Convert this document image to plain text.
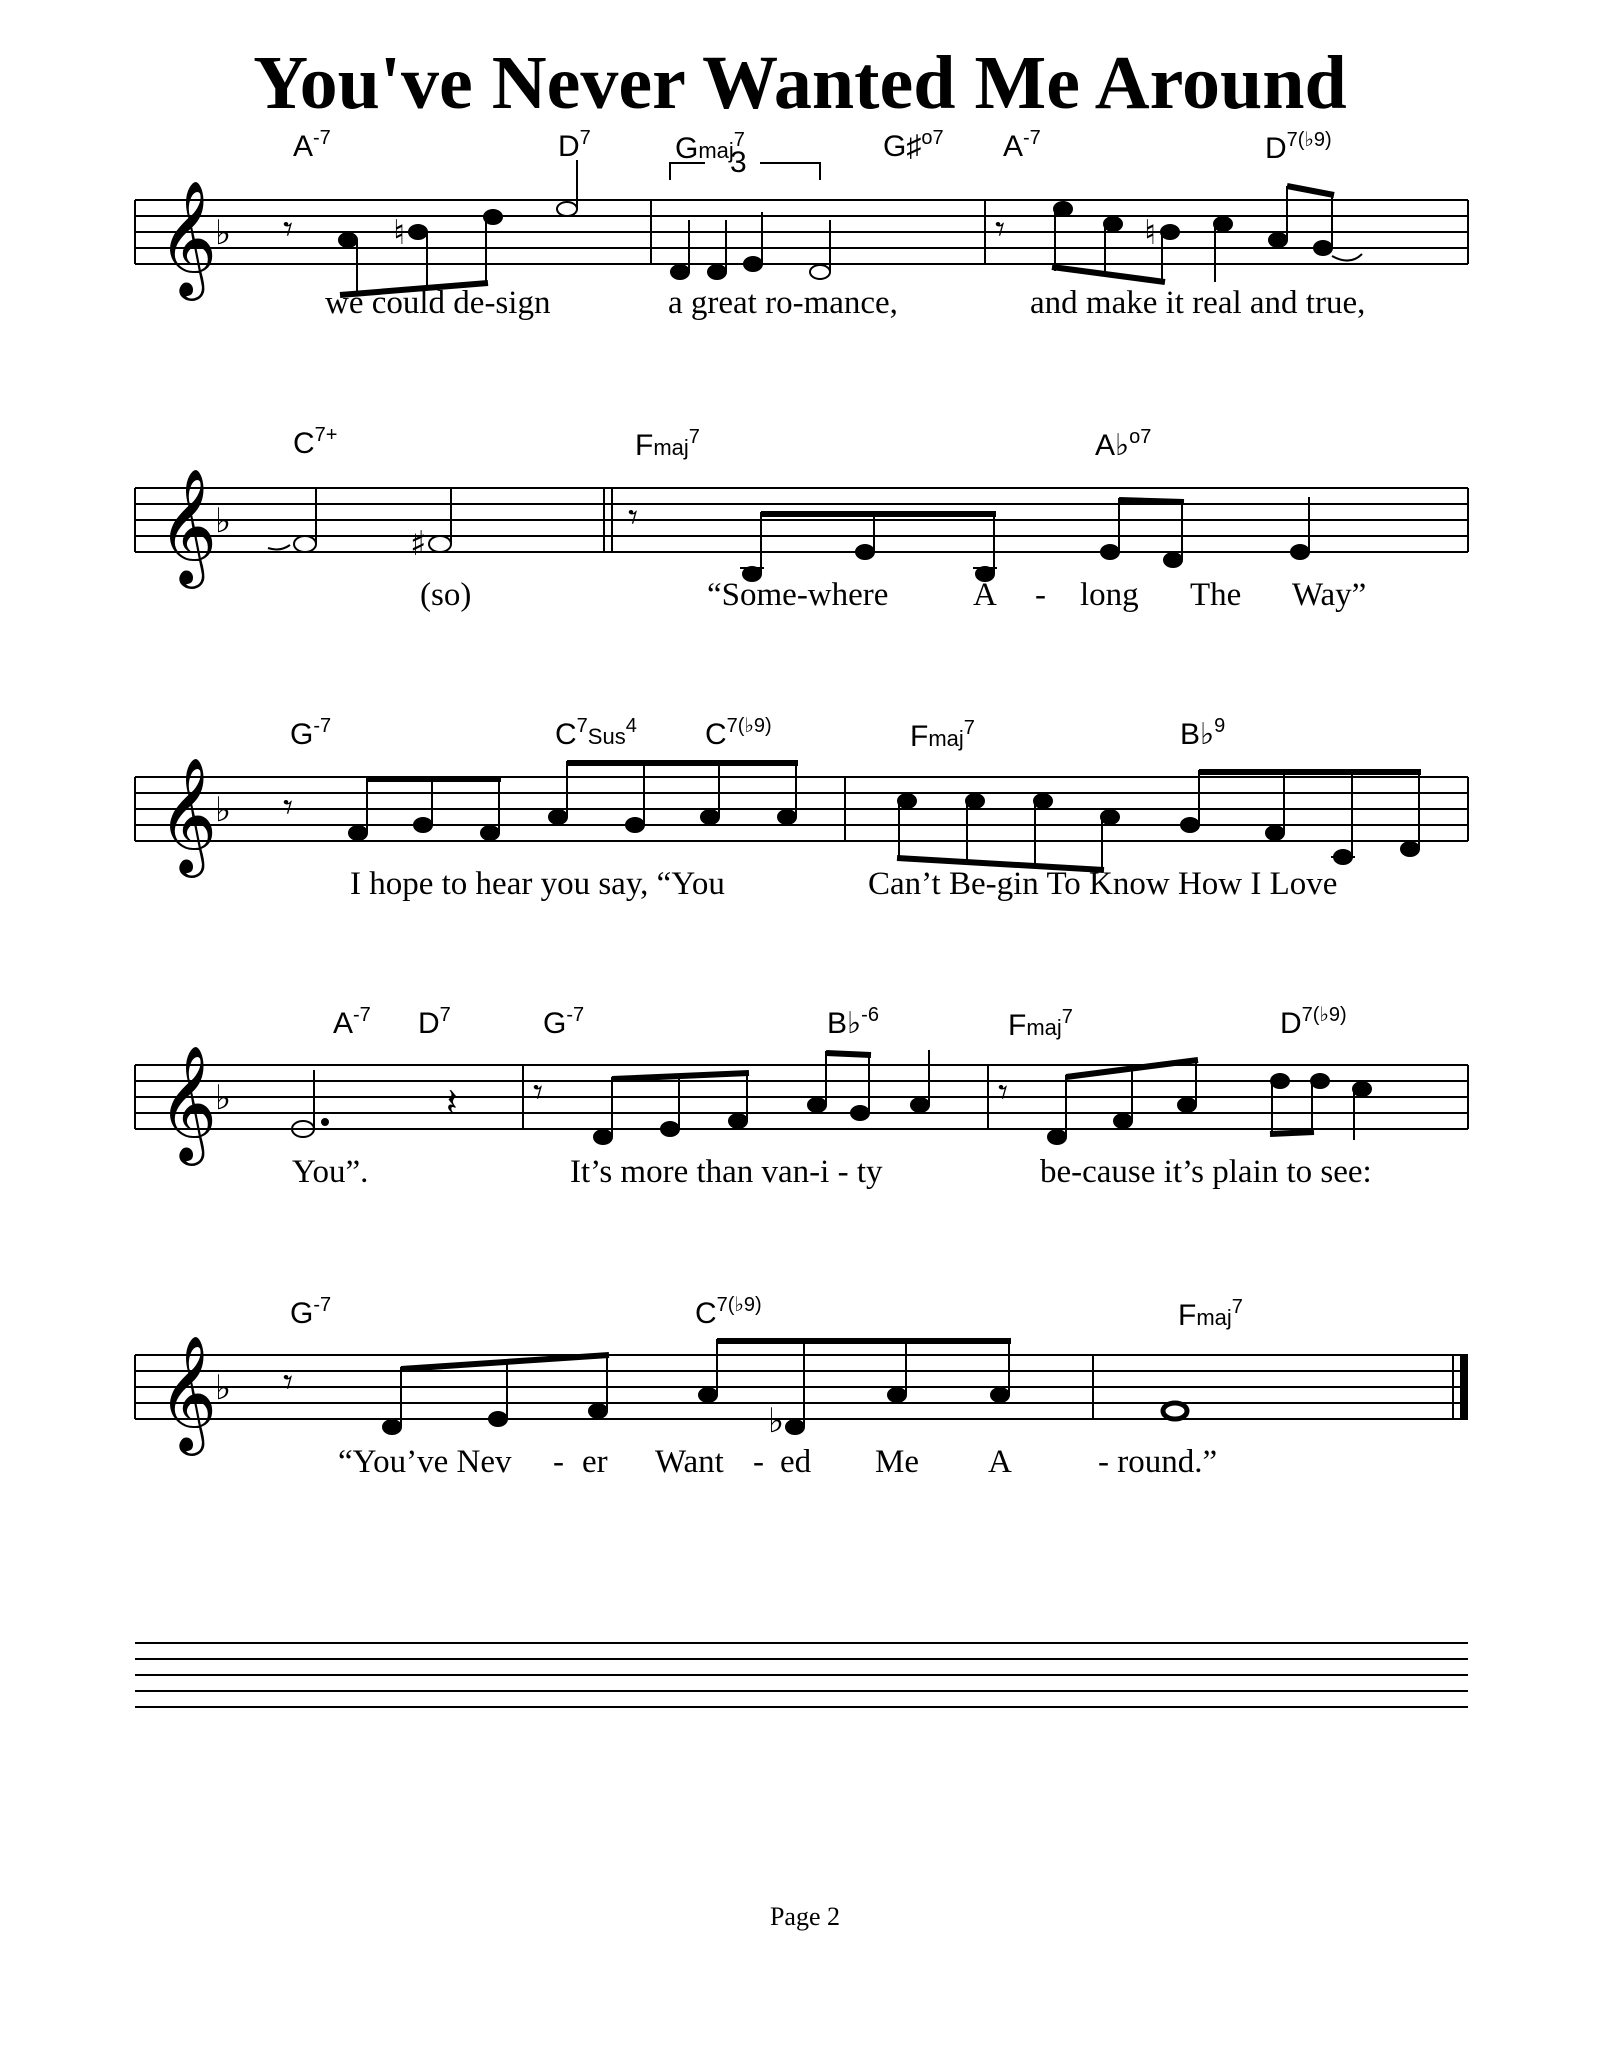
You've Never Wanted Me Around
𝄞
♭
$A^{-7}$	$D^7$	Gmaj$^7$	G♯$^{o7}$ $A^{-7}$	$D^{7(♭9)}$
3
𝄾	♮	𝄾	♮
we could de-sign	a great ro-mance,	and make it real and true,
𝄞
♭
$C^{7+}$	Fmaj$^7$	A♭$^{o7}$
♯
𝄾
(so)	“Some-where	A - long The Way”
𝄞
♭
$G^{-7}$	$C^7_{Sus}^4$ $C^{7(♭9)}$	Fmaj$^7$	B♭$^9$
𝄾
I hope to hear you say, “You	Can’t Be-gin To Know How I Love
𝄞
♭
$A^{-7}$ $D^7$	$G^{-7}$	B♭$^{-6}$	Fmaj$^7$	$D^{7(♭9)}$
𝄽 𝄾	𝄾
You”.	It’s more than van-i - ty	be-cause it’s plain to see:
𝄞
♭
$G^{-7}$	$C^{7(♭9)}$	Fmaj$^7$
𝄾
♭
“You’ve Nev - er Want - ed Me A	- round.”
Page 2
